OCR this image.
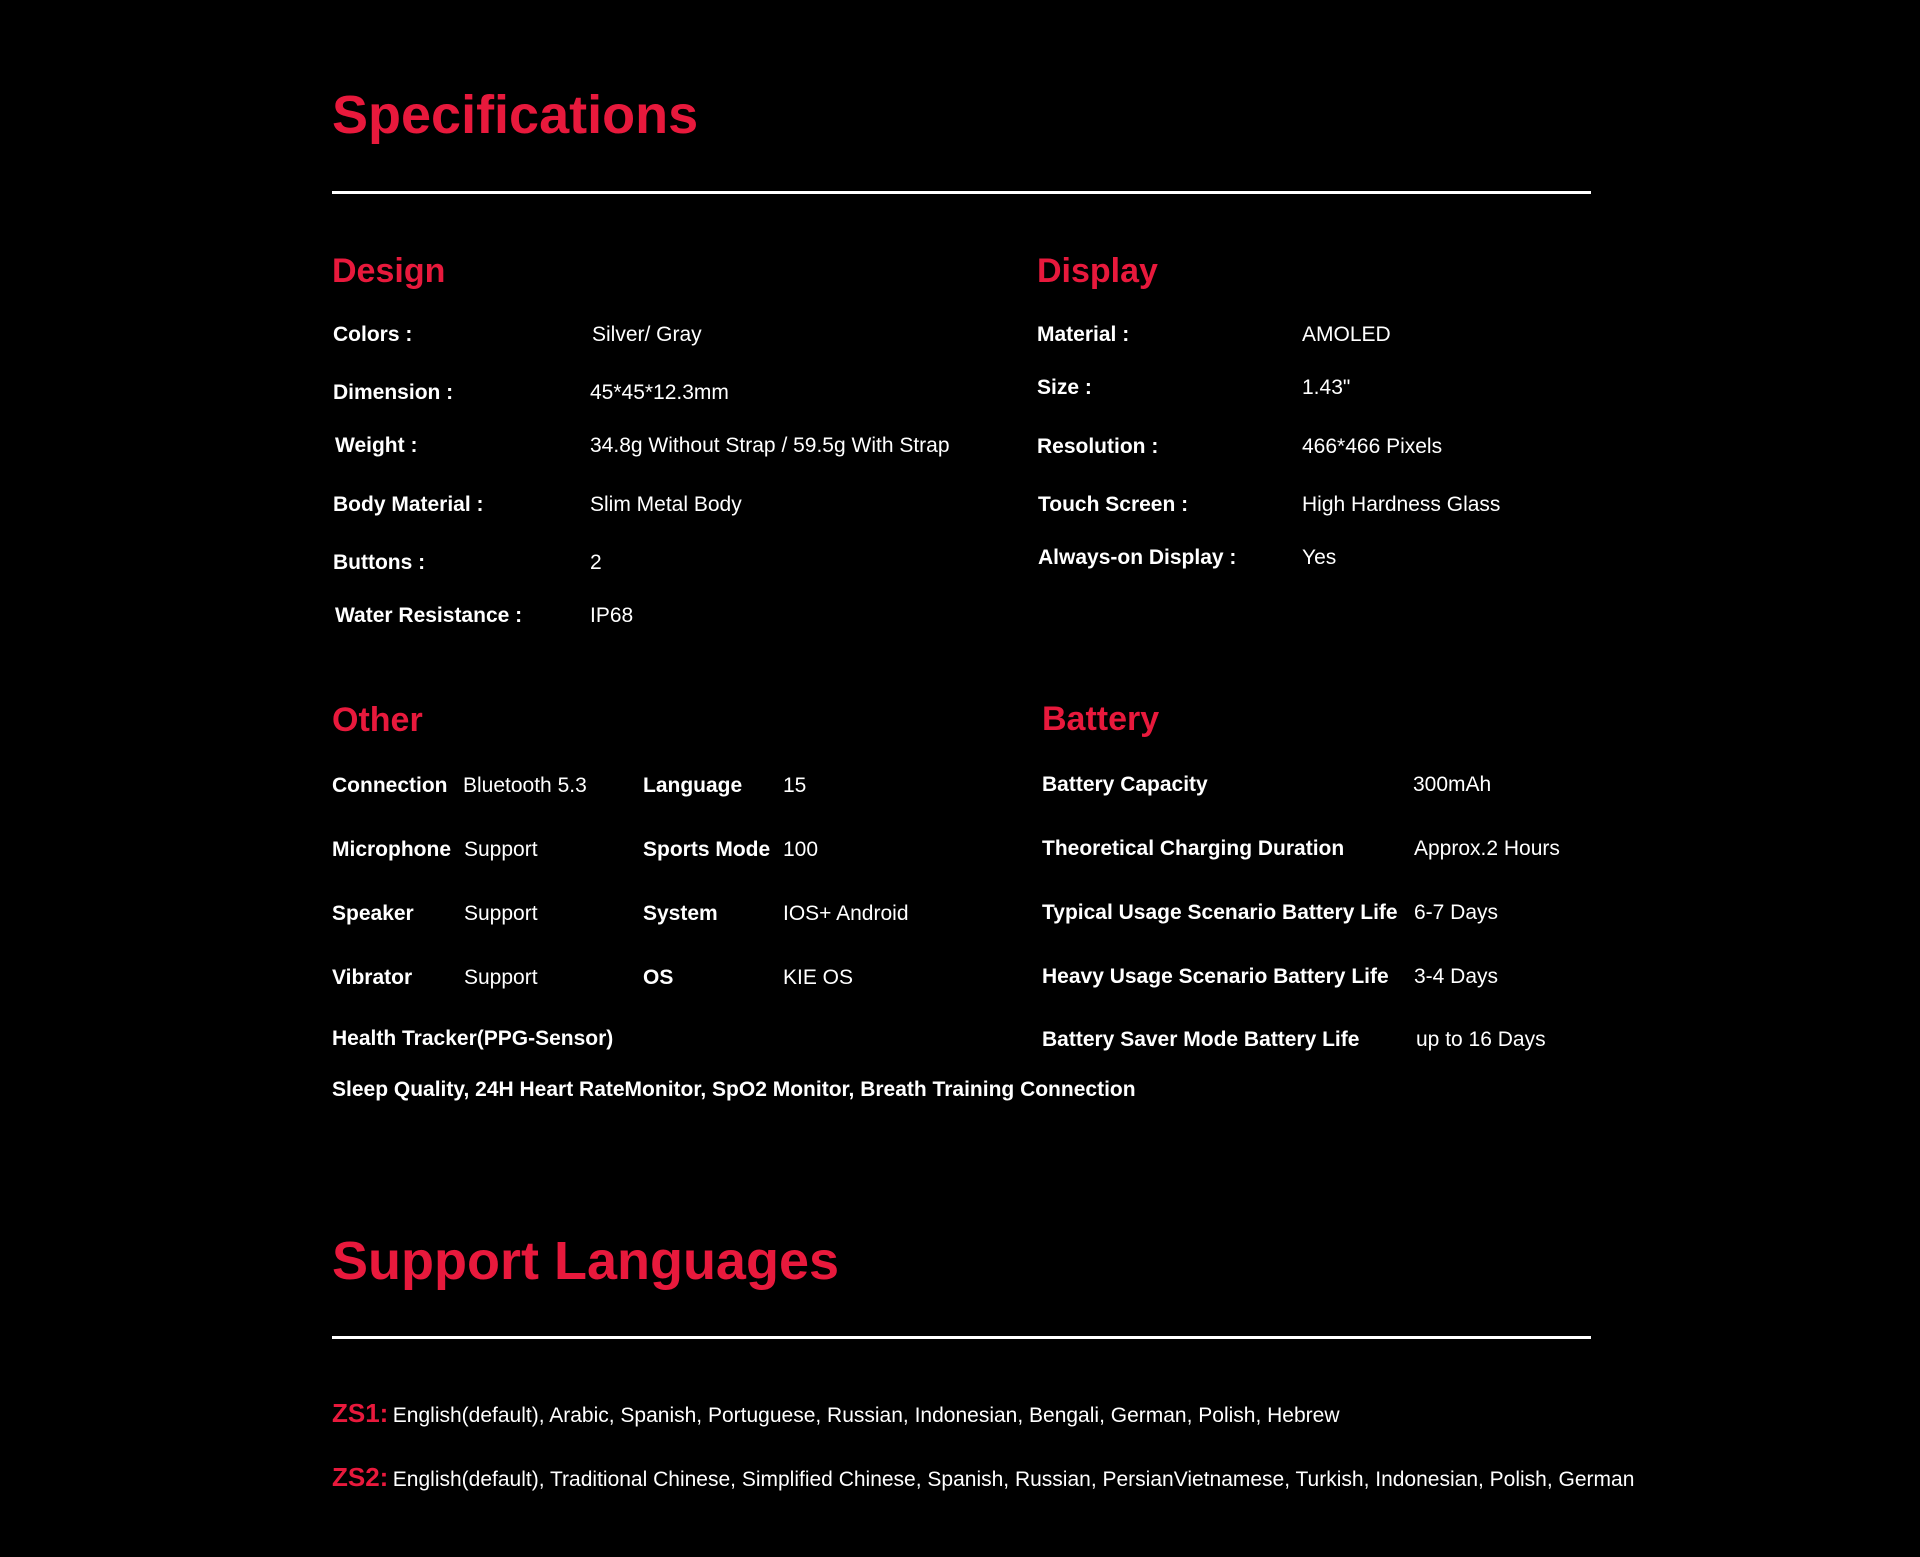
Specifications
Design
Colors :	Silver/ Gray
Dimension :	45*45*12.3mm
Weight :	34.8g Without Strap / 59.5g With Strap
Body Material :	Slim Metal Body
Buttons :	2
Water Resistance :	IP68
Display
Material :	AMOLED
Size :	1.43"
Resolution :	466*466 Pixels
Touch Screen :	High Hardness Glass
Always-on Display :	Yes
Other
Connection Bluetooth 5.3	Language 15
Microphone Support	Sports Mode 100
Speaker Support	System	IOS+ Android
Vibrator Support	OS	KIE OS
Health Tracker(PPG-Sensor)
Sleep Quality, 24H Heart RateMonitor, SpO2 Monitor, Breath Training Connection
Battery
Battery Capacity	300mAh
Theoretical Charging Duration	Approx.2 Hours
Typical Usage Scenario Battery Life 6-7 Days
Heavy Usage Scenario Battery Life 3-4 Days
Battery Saver Mode Battery Life	up to 16 Days
Support Languages
ZS1: English(default), Arabic, Spanish, Portuguese, Russian, Indonesian, Bengali, German, Polish, Hebrew
ZS2: English(default), Traditional Chinese, Simplified Chinese, Spanish, Russian, PersianVietnamese, Turkish, Indonesian, Polish, German
